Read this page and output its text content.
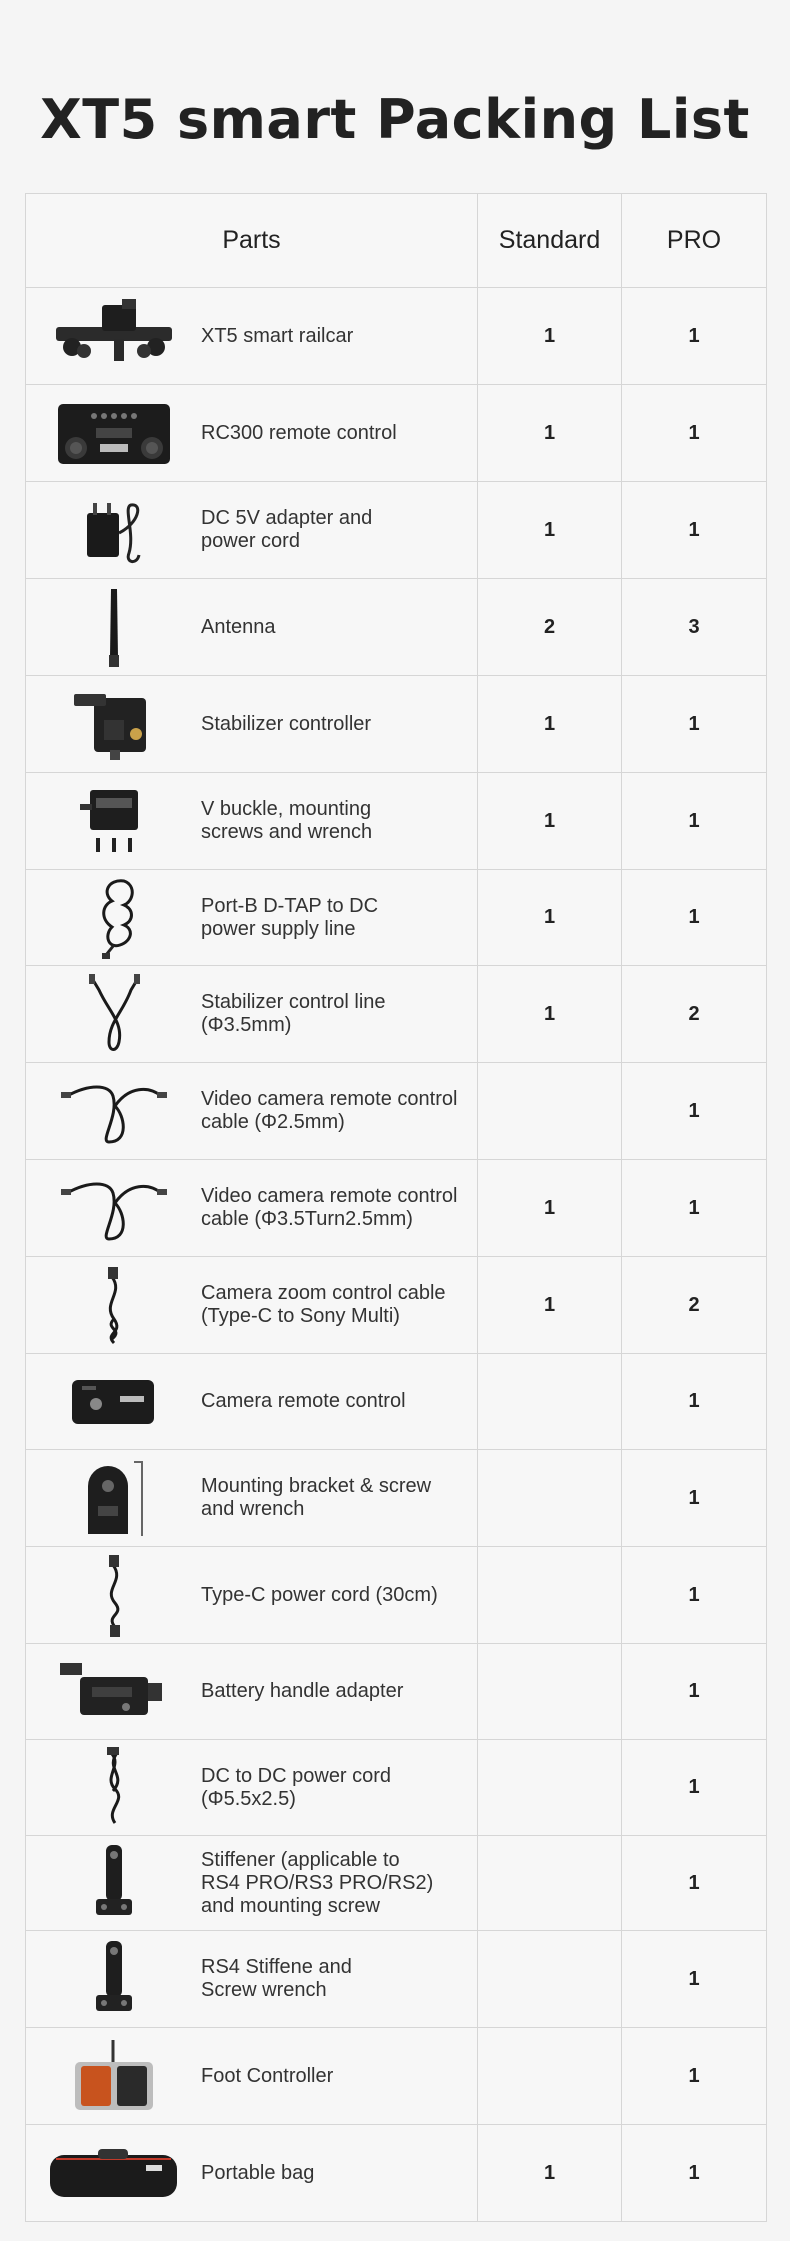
XT5 smart Packing List
Parts	Standard	PRO

XT5 smart railcar	1	1

RC300 remote control	1	1

DC 5V adapter and
power cord	1	1

Antenna	2	3

Stabilizer controller	1	1

V buckle, mounting
screws and wrench	1	1

Port-B D-TAP to DC
power supply line	1	1

Stabilizer control line
(Φ3.5mm)	1	2

Video camera remote control
cable (Φ2.5mm)		1

Video camera remote control
cable (Φ3.5Turn2.5mm)	1	1

Camera zoom control cable
(Type-C to Sony Multi)	1	2

Camera remote control		1

Mounting bracket & screw
and wrench		1

Type-C power cord (30cm)		1

Battery handle adapter		1

DC to DC power cord
(Φ5.5x2.5)		1

Stiffener (applicable to
RS4 PRO/RS3 PRO/RS2)
and mounting screw		1

RS4 Stiffene and
Screw wrench		1

Foot Controller		1

Portable bag	1	1
